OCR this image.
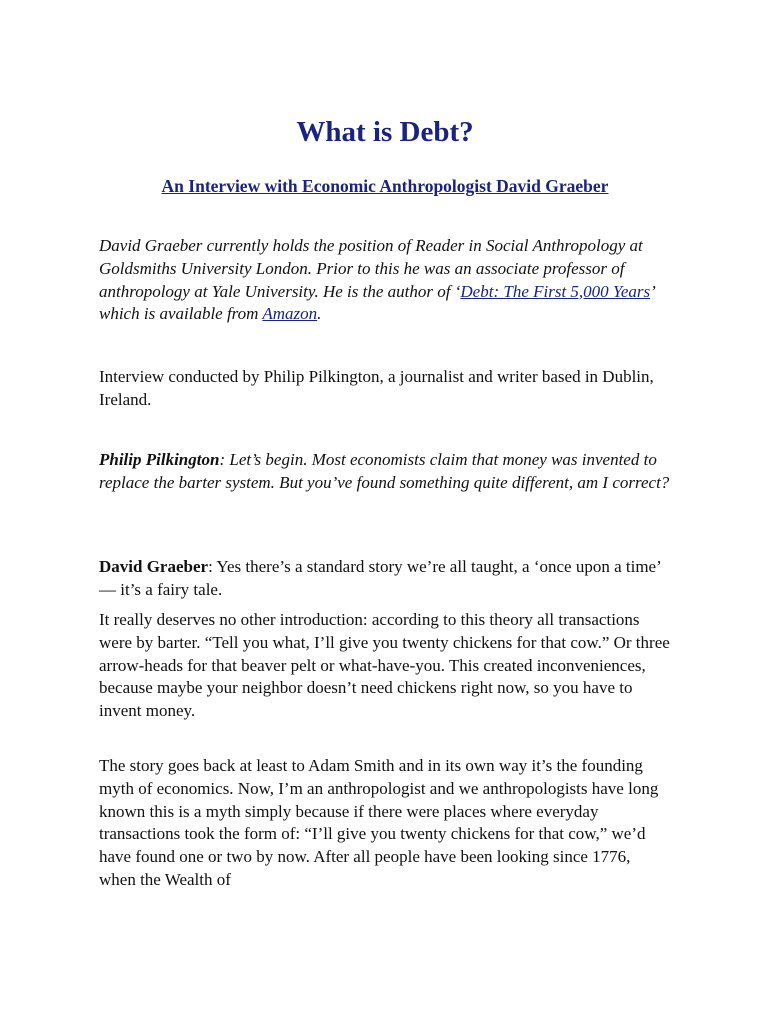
What is Debt?
An Interview with Economic Anthropologist David Graeber

David Graeber currently holds the position of Reader in Social Anthropology at Goldsmiths University London. Prior to this he was an associate professor of anthropology at Yale University. He is the author of ‘Debt: The First 5,000 Years’ which is available from Amazon.

Interview conducted by Philip Pilkington, a journalist and writer based in Dublin, Ireland.

Philip Pilkington: Let’s begin. Most economists claim that money was invented to replace the barter system. But you’ve found something quite different, am I correct?

David Graeber: Yes there’s a standard story we’re all taught, a ‘once upon a time’ — it’s a fairy tale.

It really deserves no other introduction: according to this theory all transactions were by barter. “Tell you what, I’ll give you twenty chickens for that cow.” Or three arrow-heads for that beaver pelt or what-have-you. This created inconveniences, because maybe your neighbor doesn’t need chickens right now, so you have to invent money.

The story goes back at least to Adam Smith and in its own way it’s the founding myth of economics. Now, I’m an anthropologist and we anthropologists have long known this is a myth simply because if there were places where everyday transactions took the form of: “I’ll give you twenty chickens for that cow,” we’d have found one or two by now. After all people have been looking since 1776, when the Wealth of
